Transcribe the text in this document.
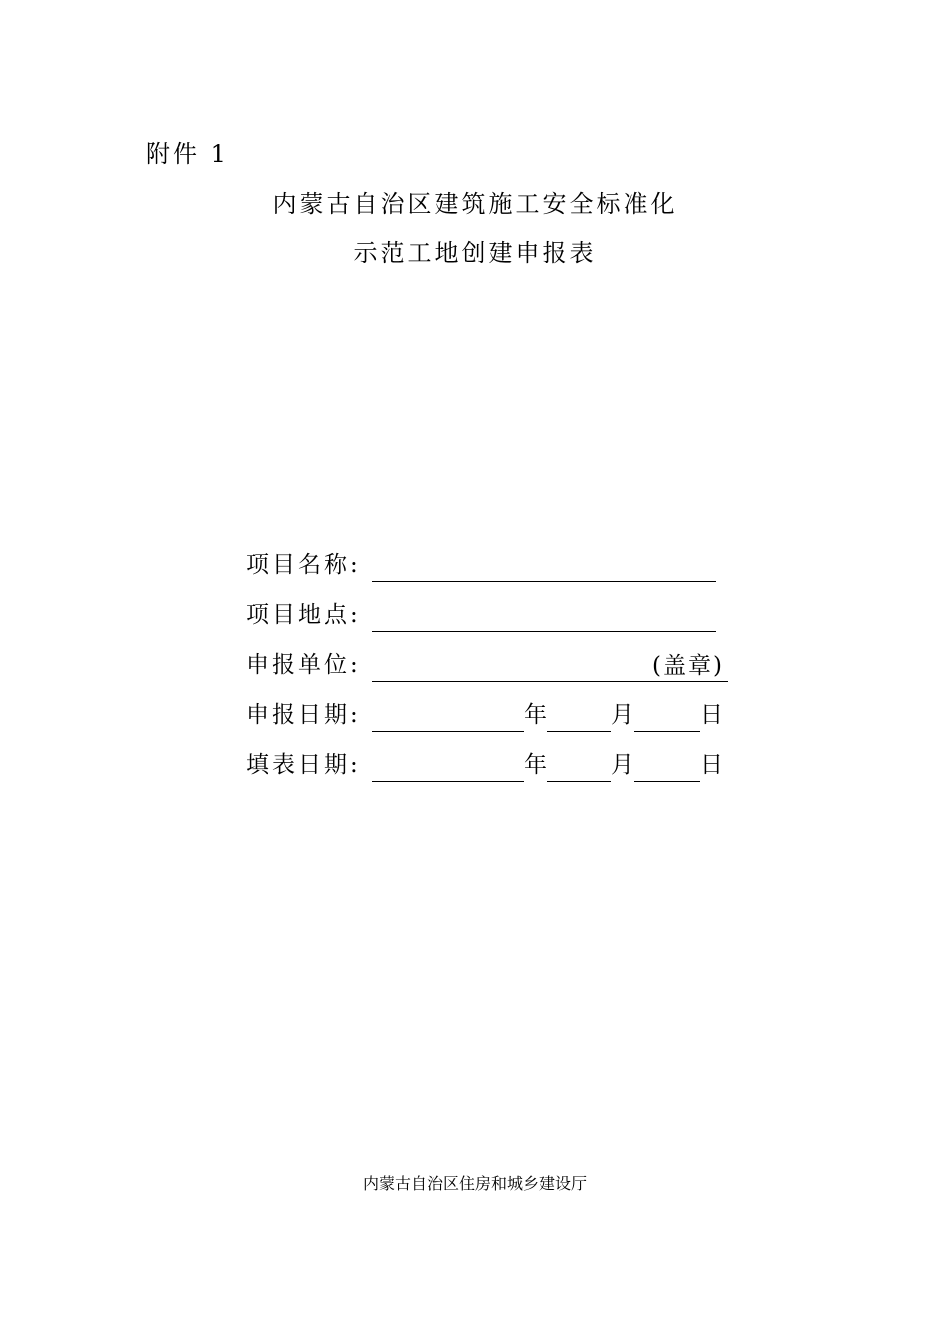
附件 1
内蒙古自治区建筑施工安全标准化
示范工地创建申报表
项目名称:
项目地点:
申报单位:	(盖章)
申报日期:	年	月	日
填表日期:	年	月	日
内蒙古自治区住房和城乡建设厅
